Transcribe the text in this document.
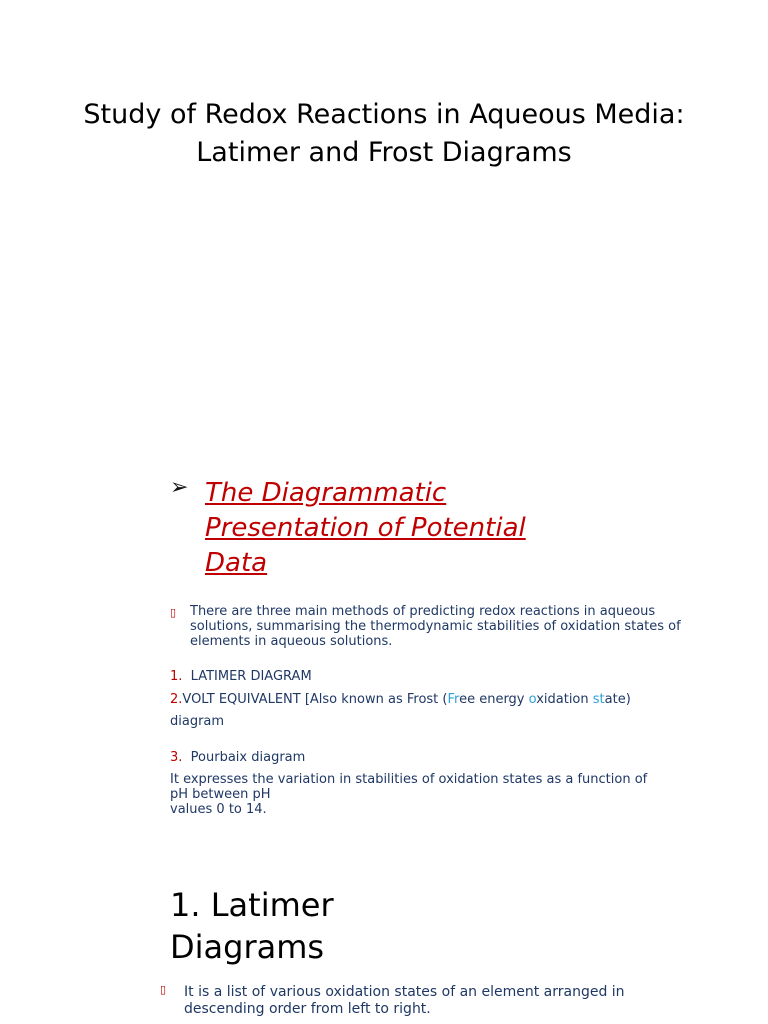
Study of Redox Reactions in Aqueous Media:
Latimer and Frost Diagrams
➢ The Diagrammatic
Presentation of Potential
Data
▯ There are three main methods of predicting redox reactions in aqueous
solutions, summarising the thermodynamic stabilities of oxidation states of
elements in aqueous solutions.
1. LATIMER DIAGRAM
2.VOLT EQUIVALENT [Also known as Frost (Free energy oxidation state)
diagram
3. Pourbaix diagram
It expresses the variation in stabilities of oxidation states as a function of
pH between pH
values 0 to 14.
1. Latimer
Diagrams
▯ It is a list of various oxidation states of an element arranged in
descending order from left to right.
